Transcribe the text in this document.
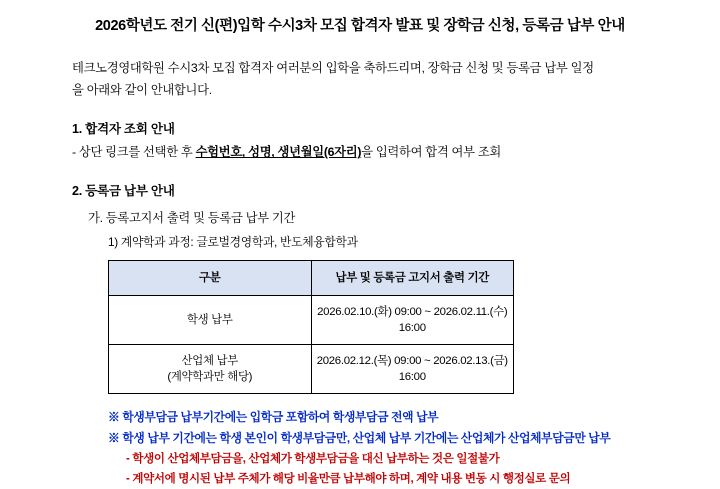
2026학년도 전기 신(편)입학 수시3차 모집 합격자 발표 및 장학금 신청, 등록금 납부 안내
테크노경영대학원 수시3차 모집 합격자 여러분의 입학을 축하드리며, 장학금 신청 및 등록금 납부 일정
을 아래와 같이 안내합니다.
1. 합격자 조회 안내
- 상단 링크를 선택한 후 수험번호, 성명, 생년월일(6자리)을 입력하여 합격 여부 조회
2. 등록금 납부 안내
가. 등록고지서 출력 및 등록금 납부 기간
1) 계약학과 과정: 글로벌경영학과, 반도체융합학과
구분	납부 및 등록금 고지서 출력 기간
학생 납부	2026.02.10.(화) 09:00 ~ 2026.02.11.(수) 16:00

산업체 납부
(계약학과만 해당)	2026.02.12.(목) 09:00 ~ 2026.02.13.(금) 16:00
※ 학생부담금 납부기간에는 입학금 포함하여 학생부담금 전액 납부
※ 학생 납부 기간에는 학생 본인이 학생부담금만, 산업체 납부 기간에는 산업체가 산업체부담금만 납부
- 학생이 산업체부담금을, 산업체가 학생부담금을 대신 납부하는 것은 일절불가
- 계약서에 명시된 납부 주체가 해당 비율만큼 납부해야 하며, 계약 내용 변동 시 행정실로 문의
